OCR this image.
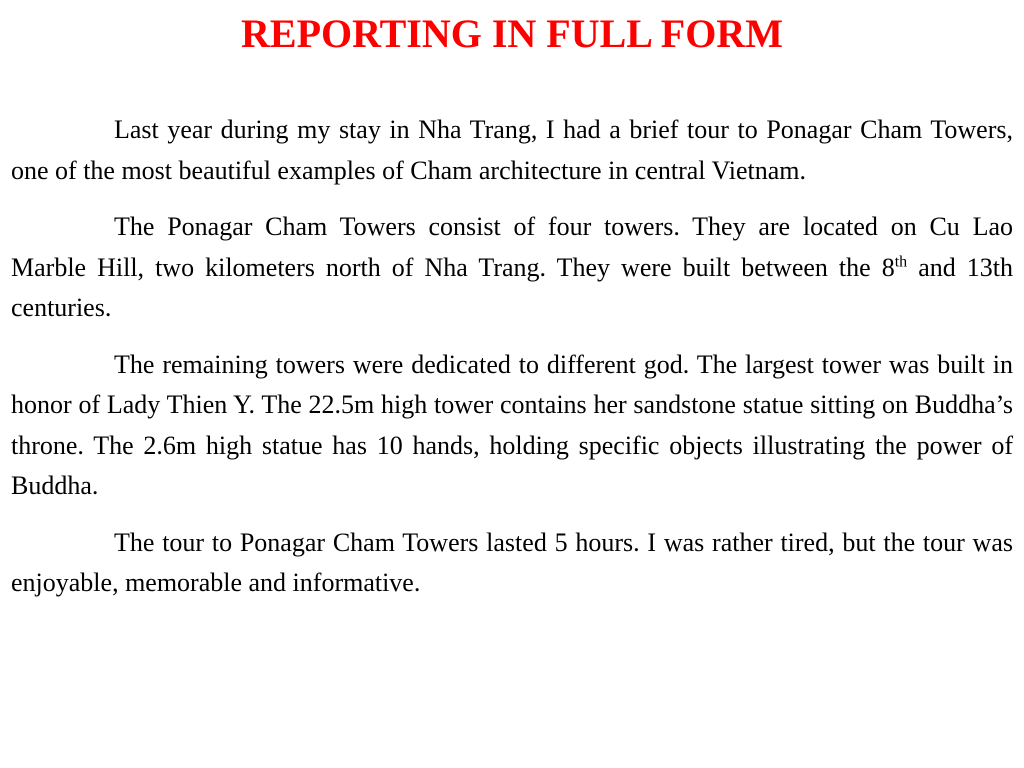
REPORTING IN FULL FORM

Last year during my stay in Nha Trang, I had a brief tour to Ponagar Cham Towers, one of the most beautiful examples of Cham architecture in central Vietnam.

The Ponagar Cham Towers consist of four towers. They are located on Cu Lao Marble Hill, two kilometers north of Nha Trang. They were built between the 8th and 13th centuries.

The remaining towers were dedicated to different god. The largest tower was built in honor of Lady Thien Y. The 22.5m high tower contains her sandstone statue sitting on Buddha’s throne. The 2.6m high statue has 10 hands, holding specific objects illustrating the power of Buddha.

The tour to Ponagar Cham Towers lasted 5 hours. I was rather tired, but the tour was enjoyable, memorable and informative.
